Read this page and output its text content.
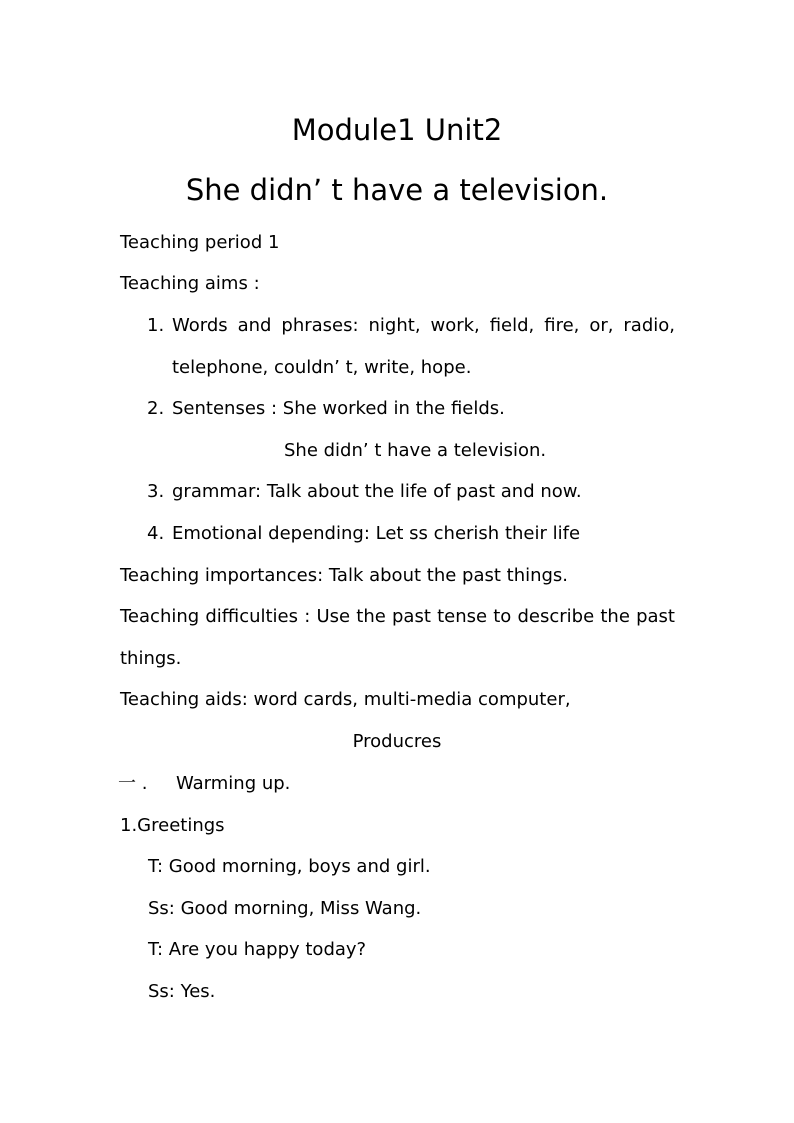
Module1 Unit2
She didn’ t have a television.
Teaching period 1
Teaching aims :
1. Words and phrases: night, work, field, fire, or, radio,
telephone, couldn’ t, write, hope.
2. Sentenses : She worked in the fields.
She didn’ t have a television.
3. grammar: Talk about the life of past and now.
4. Emotional depending: Let ss cherish their life
Teaching importances: Talk about the past things.
Teaching difficulties : Use the past tense to describe the past
things.
Teaching aids: word cards, multi-media computer,
Producres
一 . Warming up.
1.Greetings
T: Good morning, boys and girl.
Ss: Good morning, Miss Wang.
T: Are you happy today?
Ss: Yes.
